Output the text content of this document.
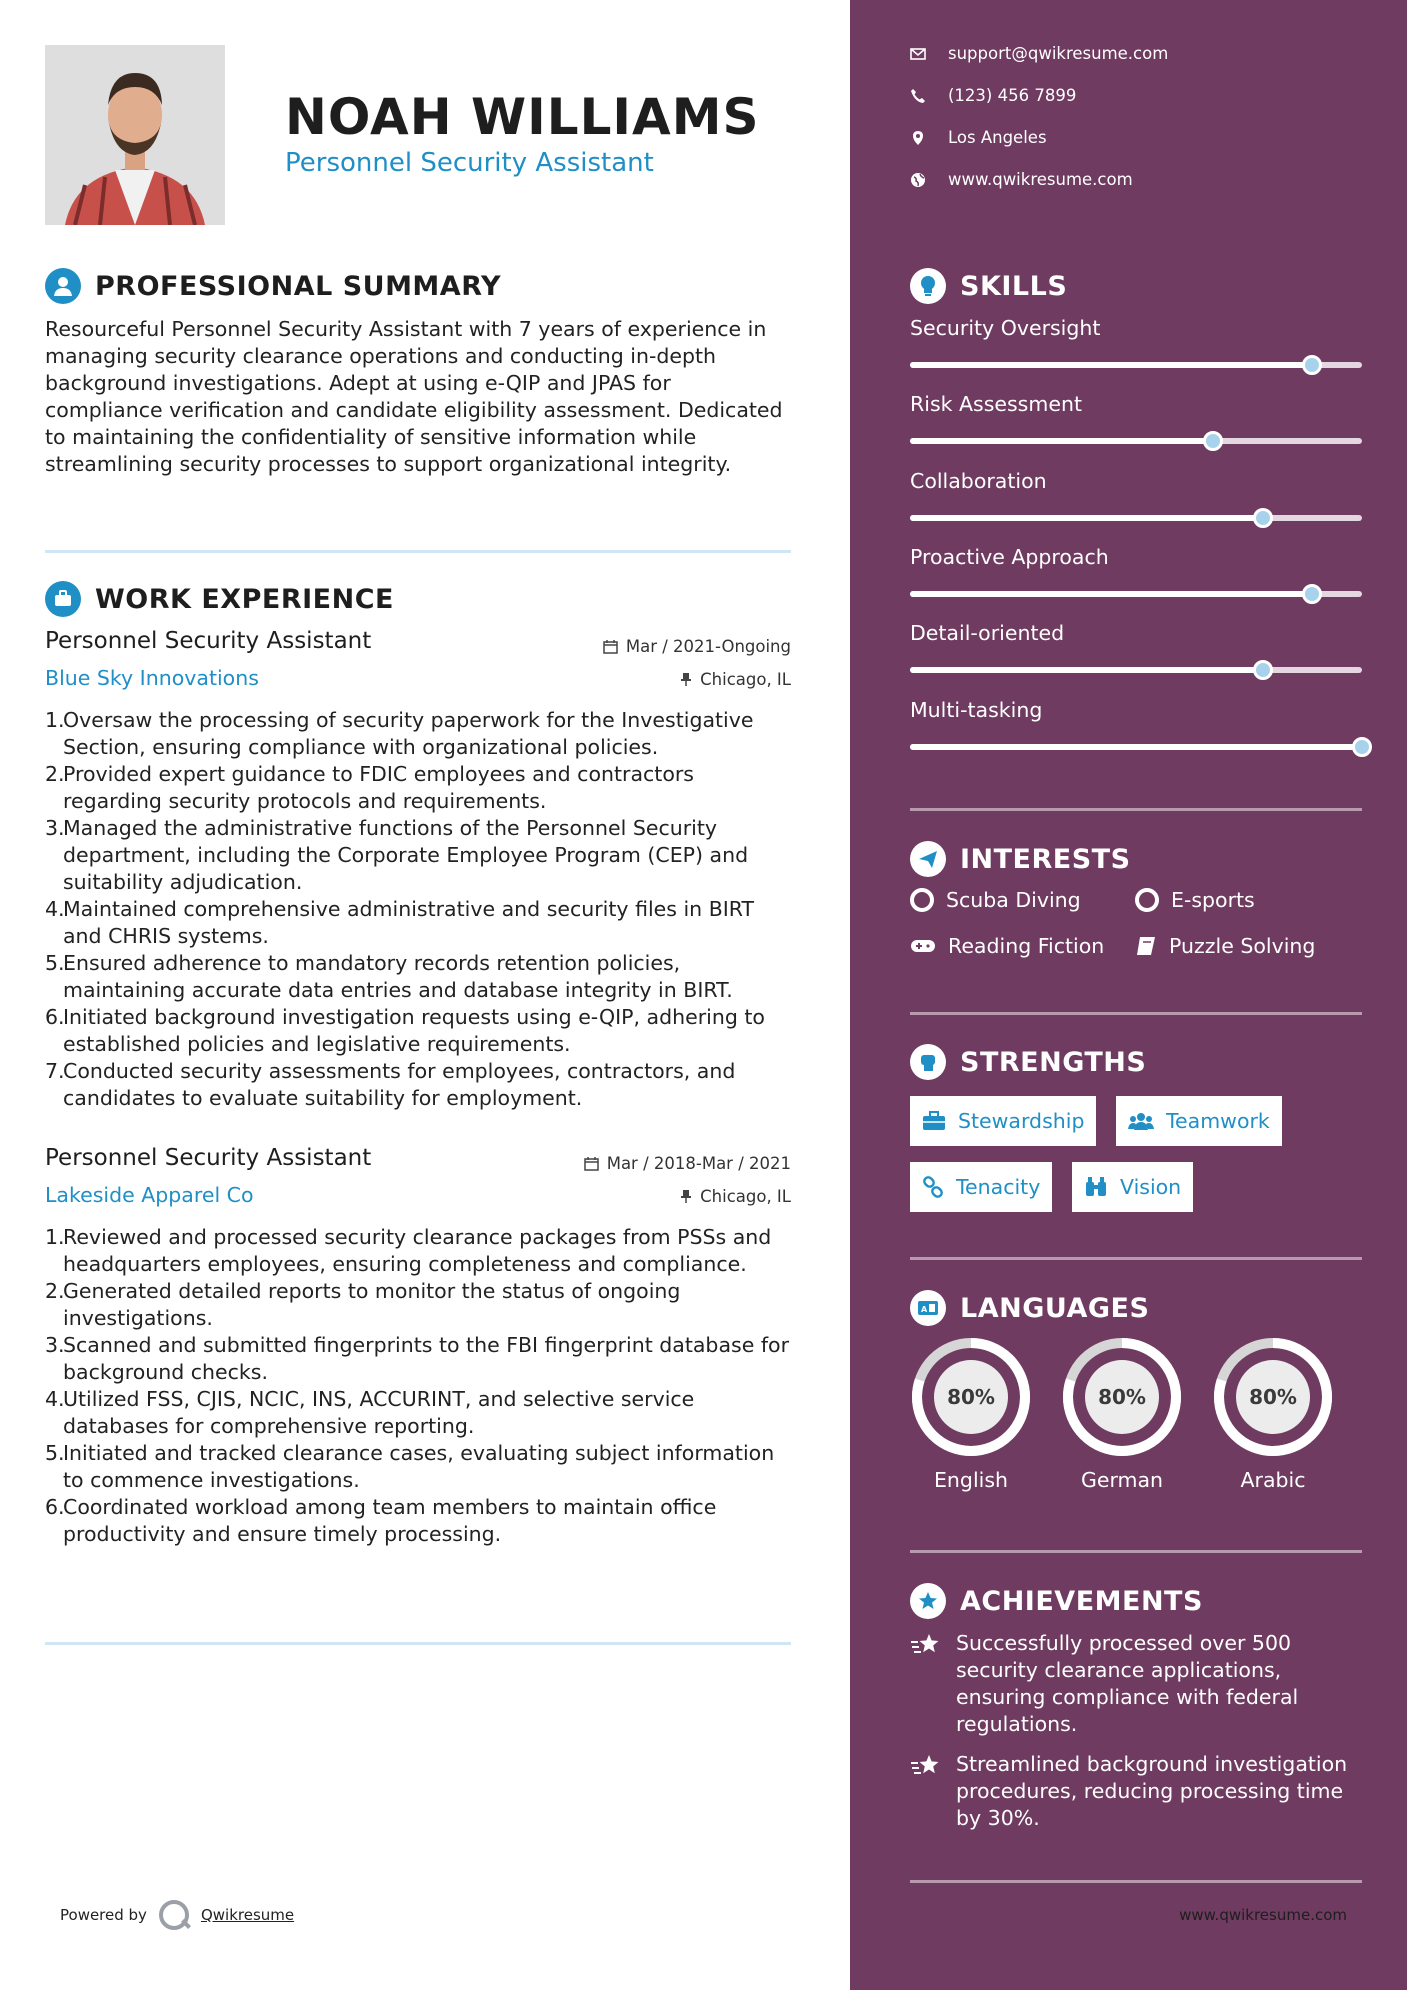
NOAH WILLIAMS
Personnel Security Assistant
PROFESSIONAL SUMMARY
Resourceful Personnel Security Assistant with 7 years of experience in managing security clearance operations and conducting in-depth background investigations. Adept at using e-QIP and JPAS for compliance verification and candidate eligibility assessment. Dedicated to maintaining the confidentiality of sensitive information while streamlining security processes to support organizational integrity.
WORK EXPERIENCE
Personnel Security Assistant	Mar / 2021-Ongoing
Blue Sky Innovations	Chicago, IL
1.
Oversaw the processing of security paperwork for the Investigative Section, ensuring compliance with organizational policies.
2.
Provided expert guidance to FDIC employees and contractors regarding security protocols and requirements.
3.
Managed the administrative functions of the Personnel Security department, including the Corporate Employee Program (CEP) and suitability adjudication.
4.
Maintained comprehensive administrative and security files in BIRT and CHRIS systems.
5.
Ensured adherence to mandatory records retention policies, maintaining accurate data entries and database integrity in BIRT.
6.
Initiated background investigation requests using e-QIP, adhering to established policies and legislative requirements.
7.
Conducted security assessments for employees, contractors, and candidates to evaluate suitability for employment.
Personnel Security Assistant	Mar / 2018-Mar / 2021
Lakeside Apparel Co	Chicago, IL
1.
Reviewed and processed security clearance packages from PSSs and headquarters employees, ensuring completeness and compliance.
2.
Generated detailed reports to monitor the status of ongoing investigations.
3.
Scanned and submitted fingerprints to the FBI fingerprint database for background checks.
4.
Utilized FSS, CJIS, NCIC, INS, ACCURINT, and selective service databases for comprehensive reporting.
5.
Initiated and tracked clearance cases, evaluating subject information to commence investigations.
6.
Coordinated workload among team members to maintain office productivity and ensure timely processing.
Powered by	Qwikresume
support@qwikresume.com
(123) 456 7899
Los Angeles
www.qwikresume.com
SKILLS
Security Oversight
Risk Assessment
Collaboration
Proactive Approach
Detail-oriented
Multi-tasking
INTERESTS
Scuba Diving	E-sports
Reading Fiction	Puzzle Solving
STRENGTHS
Stewardship	Teamwork
Tenacity	Vision
A LANGUAGES
80%
English
80%
German
80%
Arabic
ACHIEVEMENTS
Successfully processed over 500 security clearance applications, ensuring compliance with federal regulations.
Streamlined background investigation procedures, reducing processing time by 30%.
www.qwikresume.com
